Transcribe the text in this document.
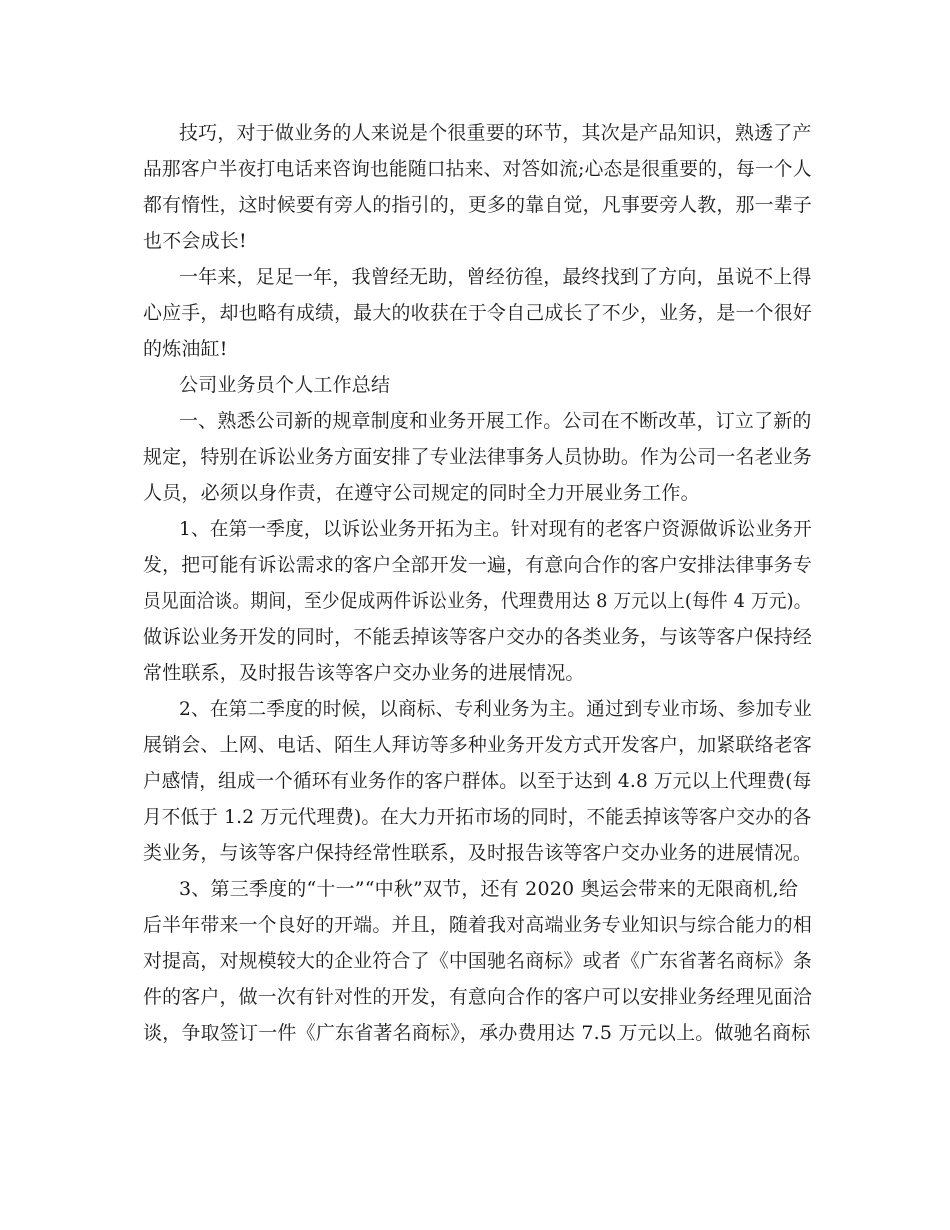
技巧，对于做业务的人来说是个很重要的环节，其次是产品知识，熟透了产
品那客户半夜打电话来咨询也能随口拈来、对答如流;心态是很重要的，每一个人
都有惰性，这时候要有旁人的指引的，更多的靠自觉，凡事要旁人教，那一辈子
也不会成长!
一年来，足足一年，我曾经无助，曾经彷徨，最终找到了方向，虽说不上得
心应手，却也略有成绩，最大的收获在于令自己成长了不少，业务，是一个很好
的炼油缸!
公司业务员个人工作总结
一、熟悉公司新的规章制度和业务开展工作。公司在不断改革，订立了新的
规定，特别在诉讼业务方面安排了专业法律事务人员协助。作为公司一名老业务
人员，必须以身作责，在遵守公司规定的同时全力开展业务工作。
1、在第一季度，以诉讼业务开拓为主。针对现有的老客户资源做诉讼业务开
发，把可能有诉讼需求的客户全部开发一遍，有意向合作的客户安排法律事务专
员见面洽谈。期间，至少促成两件诉讼业务，代理费用达 8 万元以上(每件 4 万元)。
做诉讼业务开发的同时，不能丢掉该等客户交办的各类业务，与该等客户保持经
常性联系，及时报告该等客户交办业务的进展情况。
2、在第二季度的时候，以商标、专利业务为主。通过到专业市场、参加专业
展销会、上网、电话、陌生人拜访等多种业务开发方式开发客户，加紧联络老客
户感情，组成一个循环有业务作的客户群体。以至于达到 4.8 万元以上代理费(每
月不低于 1.2 万元代理费)。在大力开拓市场的同时，不能丢掉该等客户交办的各
类业务，与该等客户保持经常性联系，及时报告该等客户交办业务的进展情况。
3、第三季度的“十一”“中秋”双节，还有 2020 奥运会带来的无限商机,给
后半年带来一个良好的开端。并且，随着我对高端业务专业知识与综合能力的相
对提高，对规模较大的企业符合了《中国驰名商标》或者《广东省著名商标》条
件的客户，做一次有针对性的开发，有意向合作的客户可以安排业务经理见面洽
谈，争取签订一件《广东省著名商标》，承办费用达 7.5 万元以上。做驰名商标
